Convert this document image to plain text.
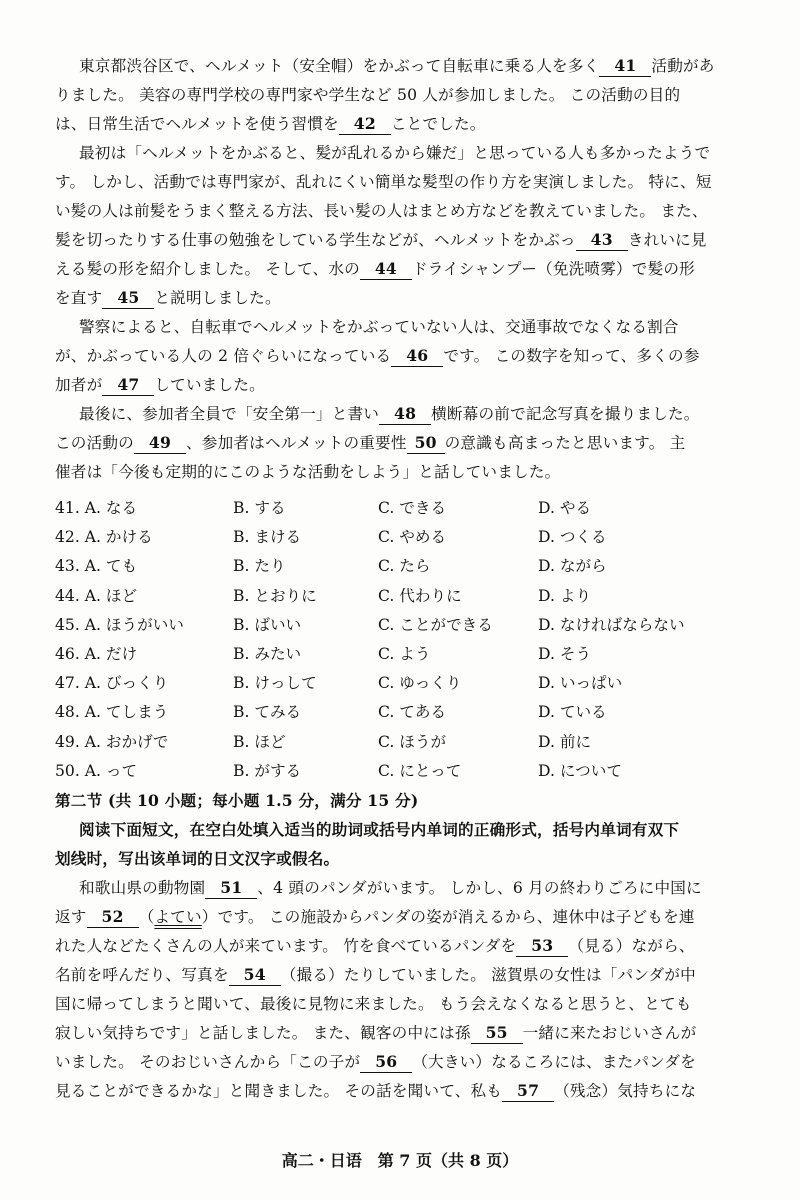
東京都渋谷区で、ヘルメット（安全帽）をかぶって自転車に乗る人を多く 41 活動があ
りました。 美容の専門学校の専門家や学生など 50 人が参加しました。 この活動の目的
は、日常生活でヘルメットを使う習慣を 42 ことでした。
最初は「ヘルメットをかぶると、髪が乱れるから嫌だ」と思っている人も多かったようで
す。 しかし、活動では専門家が、乱れにくい簡単な髪型の作り方を実演しました。 特に、短
い髪の人は前髪をうまく整える方法、長い髪の人はまとめ方などを教えていました。 また、
髪を切ったりする仕事の勉強をしている学生などが、ヘルメットをかぶっ 43 きれいに見
える髪の形を紹介しました。 そして、水の 44 ドライシャンプー（免洗喷雾）で髪の形
を直す 45 と説明しました。
警察によると、自転車でヘルメットをかぶっていない人は、交通事故でなくなる割合
が、かぶっている人の 2 倍ぐらいになっている 46 です。 この数字を知って、多くの参
加者が 47 していました。
最後に、参加者全員で「安全第一」と書い 48 横断幕の前で記念写真を撮りました。
この活動の 49 、参加者はヘルメットの重要性 50 の意識も高まったと思います。 主
催者は「今後も定期的にこのような活動をしよう」と話していました。
41. A. なる	B. する	C. できる	D. やる
42. A. かける	B. まける	C. やめる	D. つくる
43. A. ても	B. たり	C. たら	D. ながら
44. A. ほど	B. とおりに	C. 代わりに	D. より
45. A. ほうがいい	B. ばいい	C. ことができる	D. なければならない
46. A. だけ	B. みたい	C. よう	D. そう
47. A. びっくり	B. けっして	C. ゆっくり	D. いっぱい
48. A. てしまう	B. てみる	C. てある	D. ている
49. A. おかげで	B. ほど	C. ほうが	D. 前に
50. A. って	B. がする	C. にとって	D. について
第二节 (共 10 小题；每小题 1.5 分，满分 15 分)
阅读下面短文，在空白处填入适当的助词或括号内单词的正确形式，括号内单词有双下
划线时，写出该单词的日文汉字或假名。
和歌山県の動物園 51 、4 頭のパンダがいます。 しかし、6 月の終わりごろに中国に
返す 52 （よてい）です。 この施設からパンダの姿が消えるから、連休中は子どもを連
れた人などたくさんの人が来ています。 竹を食べているパンダを 53 （見る）ながら、
名前を呼んだり、写真を 54 （撮る）たりしていました。 滋賀県の女性は「パンダが中
国に帰ってしまうと聞いて、最後に見物に来ました。 もう会えなくなると思うと、とても
寂しい気持ちです」と話しました。 また、観客の中には孫 55 一緒に来たおじいさんが
いました。 そのおじいさんから「この子が 56 （大きい）なるころには、またパンダを
見ることができるかな」と聞きました。 その話を聞いて、私も 57 （残念）気持ちにな
高二・日语　第 7 页（共 8 页）
